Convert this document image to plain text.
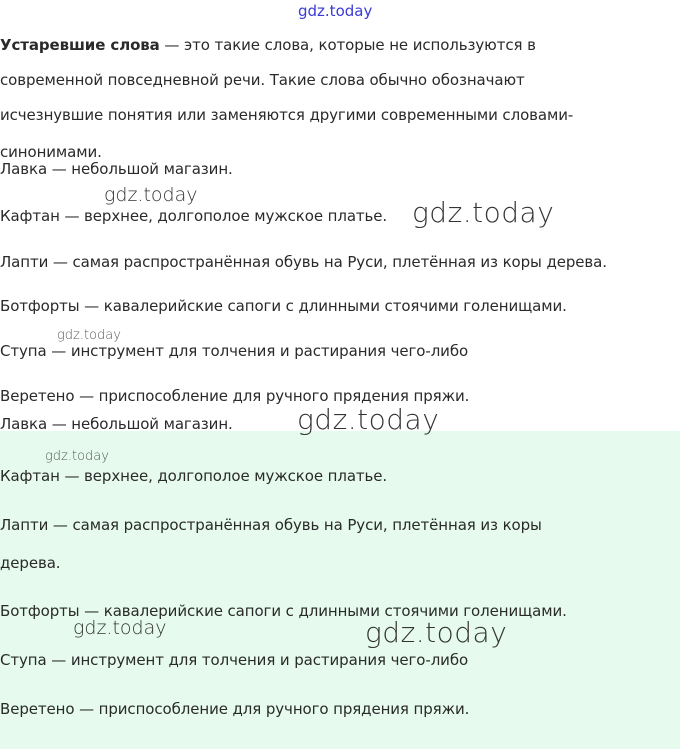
gdz.today
Устаревшие слова — это такие слова, которые не используются в
современной повседневной речи. Такие слова обычно обозначают
исчезнувшие понятия или заменяются другими современными словами-
синонимами.
Лавка — небольшой магазин.
Кафтан — верхнее, долгополое мужское платье.
Лапти — самая распространённая обувь на Руси, плетённая из коры дерева.
Ботфорты — кавалерийские сапоги с длинными стоячими голенищами.
Ступа — инструмент для толчения и растирания чего-либо
Веретено — приспособление для ручного прядения пряжи.
Лавка — небольшой магазин.
Кафтан — верхнее, долгополое мужское платье.
Лапти — самая распространённая обувь на Руси, плетённая из коры
дерева.
Ботфорты — кавалерийские сапоги с длинными стоячими голенищами.
Ступа — инструмент для толчения и растирания чего-либо
Веретено — приспособление для ручного прядения пряжи.
gdz.today
gdz.today
gdz.today
gdz.today
gdz.today
gdz.today	gdz.today
